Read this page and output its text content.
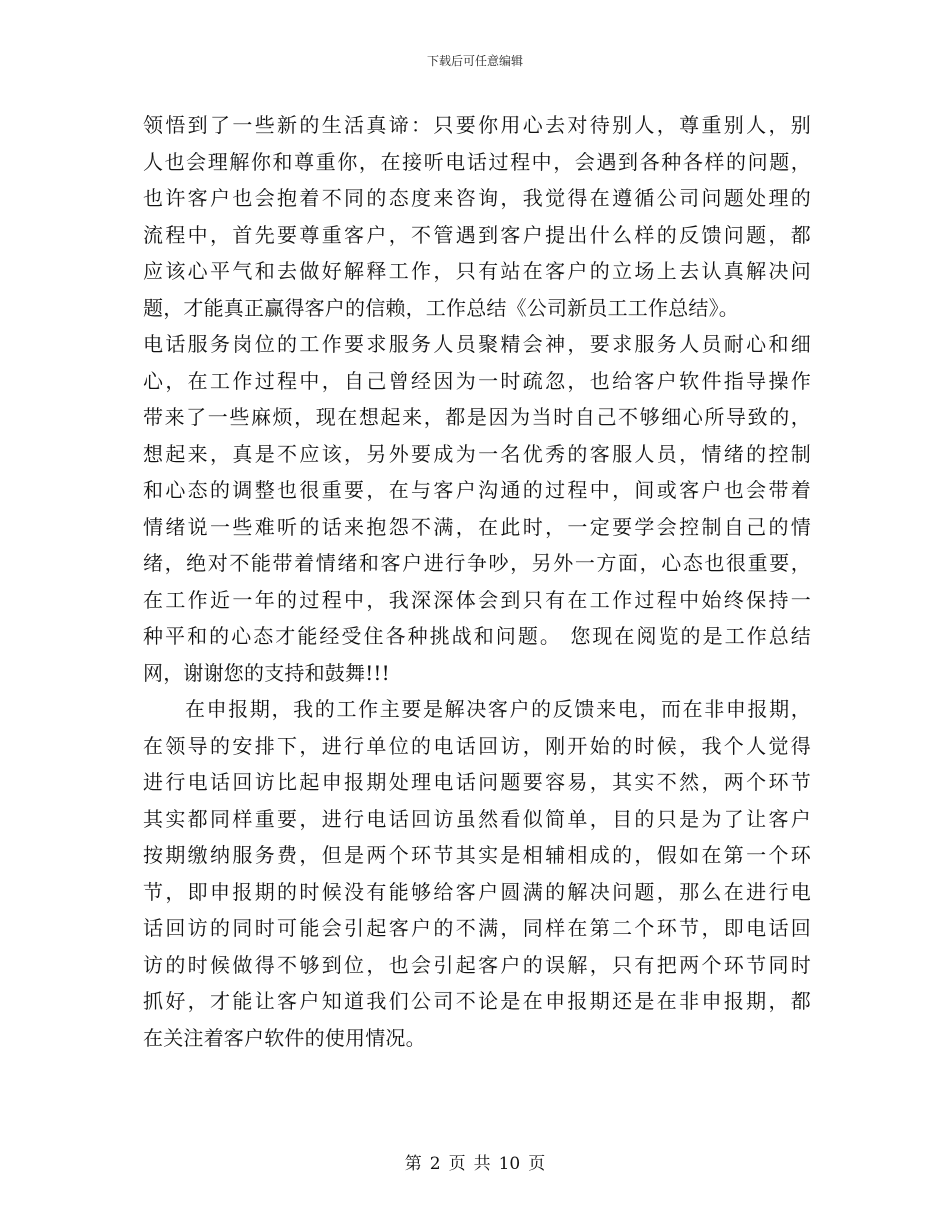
下载后可任意编辑
领悟到了一些新的生活真谛：只要你用心去对待别人，尊重别人，别
人也会理解你和尊重你，在接听电话过程中，会遇到各种各样的问题，
也许客户也会抱着不同的态度来咨询，我觉得在遵循公司问题处理的
流程中，首先要尊重客户，不管遇到客户提出什么样的反馈问题，都
应该心平气和去做好解释工作，只有站在客户的立场上去认真解决问
题，才能真正赢得客户的信赖，工作总结《公司新员工工作总结》。
电话服务岗位的工作要求服务人员聚精会神，要求服务人员耐心和细
心，在工作过程中，自己曾经因为一时疏忽，也给客户软件指导操作
带来了一些麻烦，现在想起来，都是因为当时自己不够细心所导致的，
想起来，真是不应该，另外要成为一名优秀的客服人员，情绪的控制
和心态的调整也很重要，在与客户沟通的过程中，间或客户也会带着
情绪说一些难听的话来抱怨不满，在此时，一定要学会控制自己的情
绪，绝对不能带着情绪和客户进行争吵，另外一方面，心态也很重要，
在工作近一年的过程中，我深深体会到只有在工作过程中始终保持一
种平和的心态才能经受住各种挑战和问题。 您现在阅览的是工作总结
网，谢谢您的支持和鼓舞!!!
在申报期，我的工作主要是解决客户的反馈来电，而在非申报期，
在领导的安排下，进行单位的电话回访，刚开始的时候，我个人觉得
进行电话回访比起申报期处理电话问题要容易，其实不然，两个环节
其实都同样重要，进行电话回访虽然看似简单，目的只是为了让客户
按期缴纳服务费，但是两个环节其实是相辅相成的，假如在第一个环
节，即申报期的时候没有能够给客户圆满的解决问题，那么在进行电
话回访的同时可能会引起客户的不满，同样在第二个环节，即电话回
访的时候做得不够到位，也会引起客户的误解，只有把两个环节同时
抓好，才能让客户知道我们公司不论是在申报期还是在非申报期，都
在关注着客户软件的使用情况。
第 2 页 共 10 页
